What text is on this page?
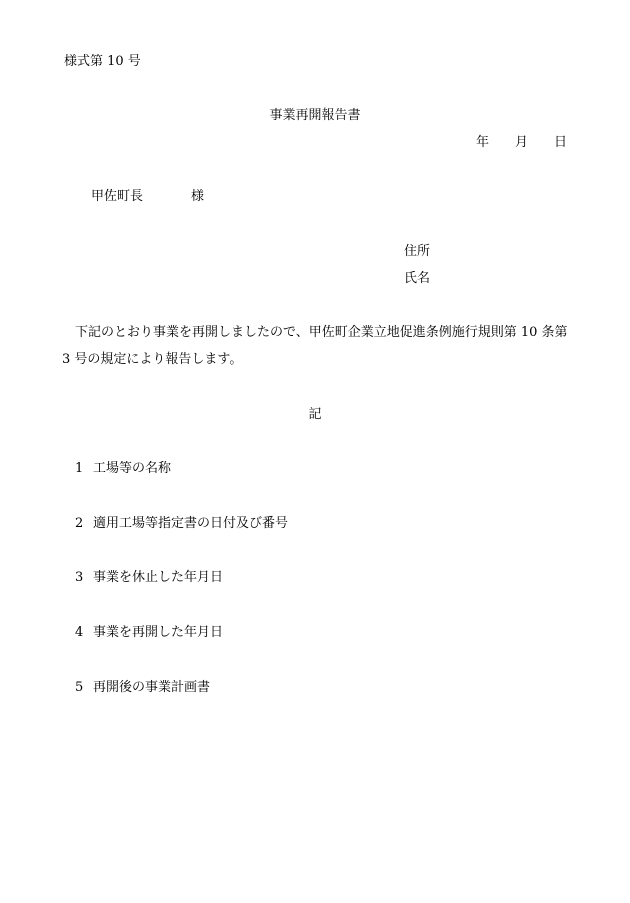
様式第 10 号
事業再開報告書
年 月 日
甲佐町長	様
住所
氏名
下記のとおり事業を再開しましたので、甲佐町企業立地促進条例施行規則第 10 条第 3 号の規定により報告します。
記
1 工場等の名称
2 適用工場等指定書の日付及び番号
3 事業を休止した年月日
4 事業を再開した年月日
5 再開後の事業計画書
